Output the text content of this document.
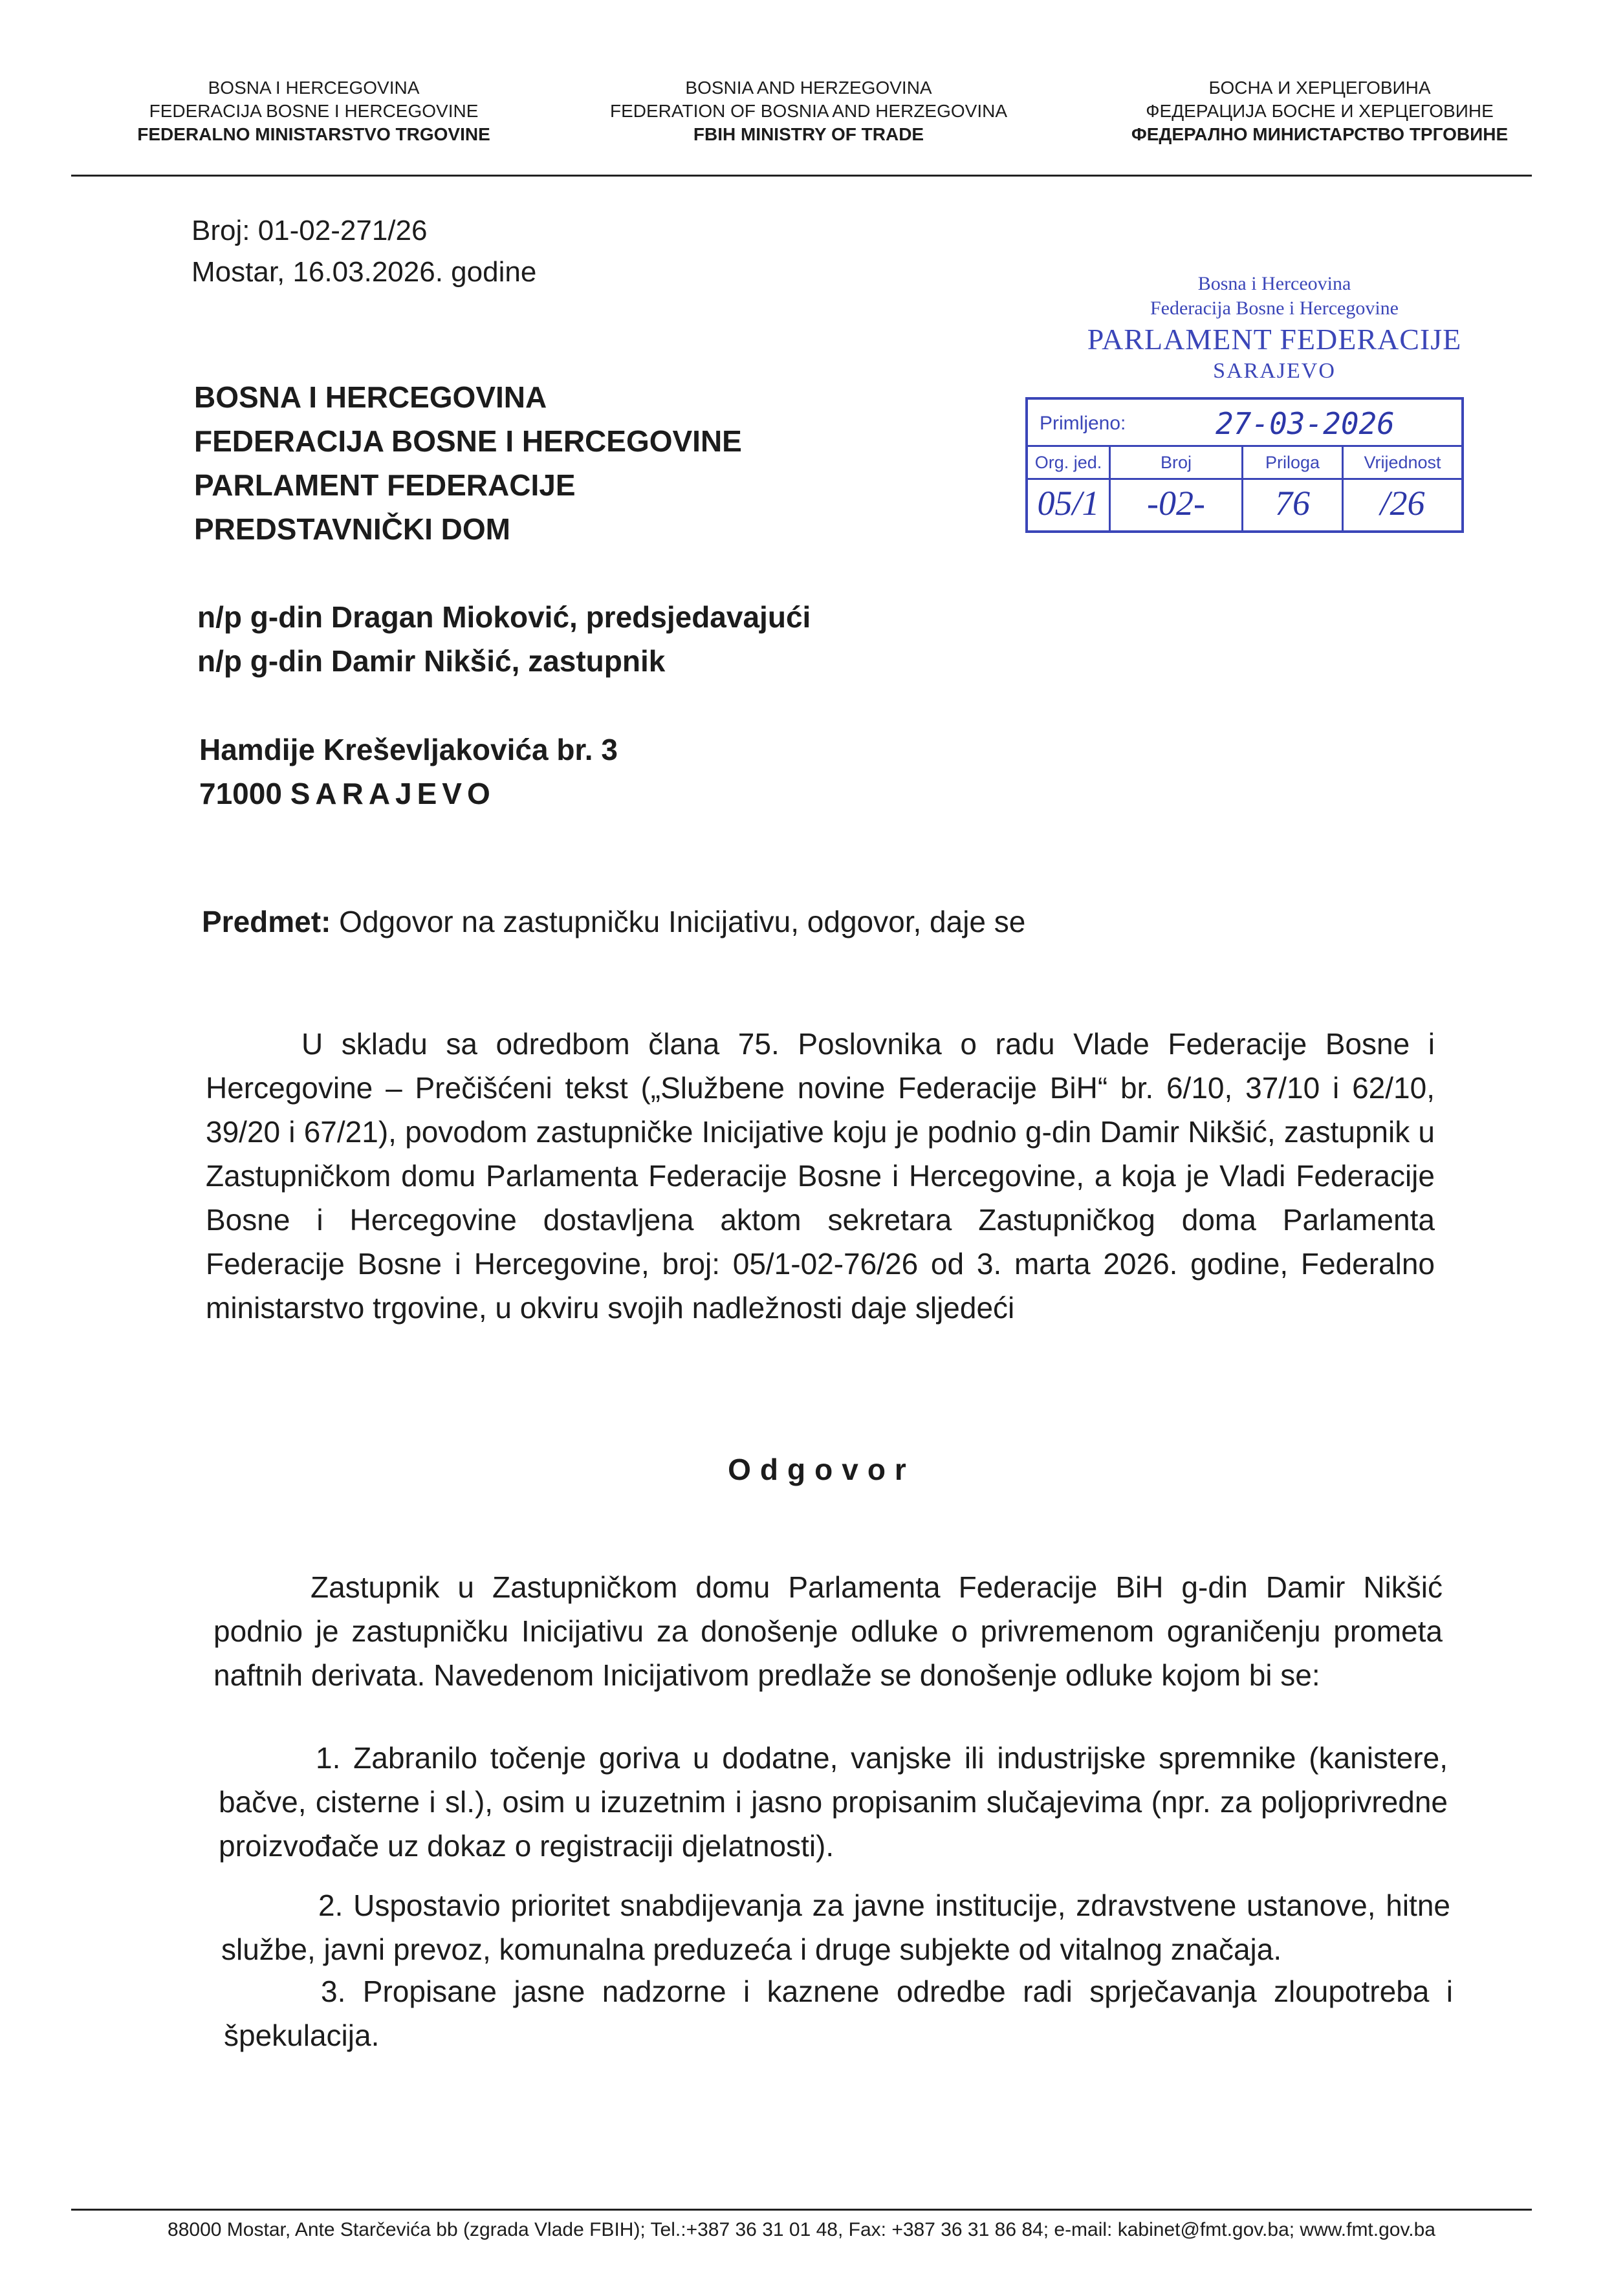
BOSNA I HERCEGOVINA
FEDERACIJA BOSNE I HERCEGOVINE
FEDERALNO MINISTARSTVO TRGOVINE
BOSNIA AND HERZEGOVINA
FEDERATION OF BOSNIA AND HERZEGOVINA
FBIH MINISTRY OF TRADE
БОСНА И ХЕРЦЕГОВИНА
ФЕДЕРАЦИЈА БОСНЕ И ХЕРЦЕГОВИНЕ
ФЕДЕРАЛНО МИНИСТАРСТВО ТРГОВИНЕ
Broj: 01-02-271/26
Mostar, 16.03.2026. godine	Bosna i Herceovina
Federacija Bosne i Hercegovine
PARLAMENT FEDERACIJE
SARAJEVO
Primljeno:	27-03-2026
Org. jed.
05/1
Broj
-02-
Priloga
76
Vrijednost
/26
BOSNA I HERCEGOVINA
FEDERACIJA BOSNE I HERCEGOVINE
PARLAMENT FEDERACIJE
PREDSTAVNIČKI DOM
n/p g-din Dragan Mioković, predsjedavajući
n/p g-din Damir Nikšić, zastupnik
Hamdije Kreševljakovića br. 3
71000 SARAJEVO
Predmet: Odgovor na zastupničku Inicijativu, odgovor, daje se
U skladu sa odredbom člana 75. Poslovnika o radu Vlade Federacije Bosne i Hercegovine – Prečišćeni tekst („Službene novine Federacije BiH“ br. 6/10, 37/10 i 62/10, 39/20 i 67/21), povodom zastupničke Inicijative koju je podnio g-din Damir Nikšić, zastupnik u Zastupničkom domu Parlamenta Federacije Bosne i Hercegovine, a koja je Vladi Federacije Bosne i Hercegovine dostavljena aktom sekretara Zastupničkog doma Parlamenta Federacije Bosne i Hercegovine, broj: 05/1-02-76/26 od 3. marta 2026. godine, Federalno ministarstvo trgovine, u okviru svojih nadležnosti daje sljedeći
Odgovor
Zastupnik u Zastupničkom domu Parlamenta Federacije BiH g-din Damir Nikšić podnio je zastupničku Inicijativu za donošenje odluke o privremenom ograničenju prometa naftnih derivata. Navedenom Inicijativom predlaže se donošenje odluke kojom bi se:
1. Zabranilo točenje goriva u dodatne, vanjske ili industrijske spremnike (kanistere, bačve, cisterne i sl.), osim u izuzetnim i jasno propisanim slučajevima (npr. za poljoprivredne proizvođače uz dokaz o registraciji djelatnosti).
2. Uspostavio prioritet snabdijevanja za javne institucije, zdravstvene ustanove, hitne službe, javni prevoz, komunalna preduzeća i druge subjekte od vitalnog značaja.
3. Propisane jasne nadzorne i kaznene odredbe radi sprječavanja zloupotreba i špekulacija.
88000 Mostar, Ante Starčevića bb (zgrada Vlade FBIH); Tel.:+387 36 31 01 48, Fax: +387 36 31 86 84; e-mail: kabinet@fmt.gov.ba; www.fmt.gov.ba
